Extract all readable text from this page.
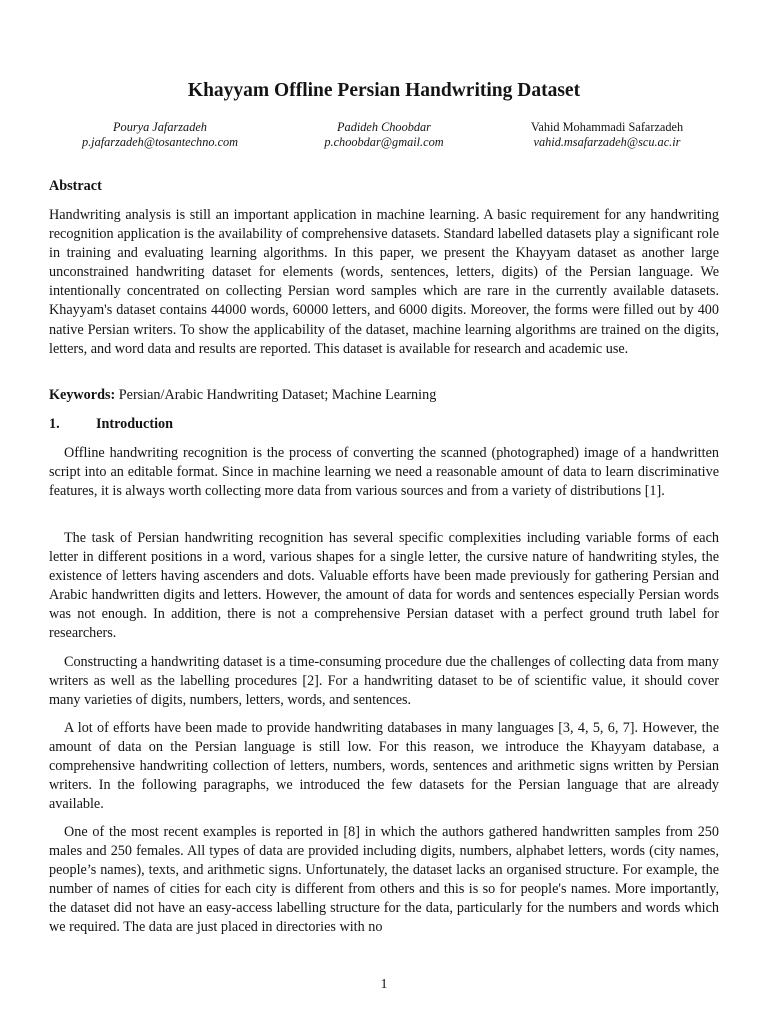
Khayyam Offline Persian Handwriting Dataset
Pourya Jafarzadeh
p.jafarzadeh@tosantechno.com
Padideh Choobdar
p.choobdar@gmail.com
Vahid Mohammadi Safarzadeh
vahid.msafarzadeh@scu.ac.ir
Abstract

Handwriting analysis is still an important application in machine learning. A basic requirement for any handwriting recognition application is the availability of comprehensive datasets. Standard labelled datasets play a significant role in training and evaluating learning algorithms. In this paper, we present the Khayyam dataset as another large unconstrained handwriting dataset for elements (words, sentences, letters, digits) of the Persian language. We intentionally concentrated on collecting Persian word samples which are rare in the currently available datasets. Khayyam's dataset contains 44000 words, 60000 letters, and 6000 digits. Moreover, the forms were filled out by 400 native Persian writers. To show the applicability of the dataset, machine learning algorithms are trained on the digits, letters, and word data and results are reported. This dataset is available for research and academic use.

Keywords: Persian/Arabic Handwriting Dataset; Machine Learning

1.	Introduction

Offline handwriting recognition is the process of converting the scanned (photographed) image of a handwritten script into an editable format. Since in machine learning we need a reasonable amount of data to learn discriminative features, it is always worth collecting more data from various sources and from a variety of distributions [1].

The task of Persian handwriting recognition has several specific complexities including variable forms of each letter in different positions in a word, various shapes for a single letter, the cursive nature of handwriting styles, the existence of letters having ascenders and dots. Valuable efforts have been made previously for gathering Persian and Arabic handwritten digits and letters. However, the amount of data for words and sentences especially Persian words was not enough. In addition, there is not a comprehensive Persian dataset with a perfect ground truth label for researchers.

Constructing a handwriting dataset is a time-consuming procedure due the challenges of collecting data from many writers as well as the labelling procedures [2]. For a handwriting dataset to be of scientific value, it should cover many varieties of digits, numbers, letters, words, and sentences.

A lot of efforts have been made to provide handwriting databases in many languages [3, 4, 5, 6, 7]. However, the amount of data on the Persian language is still low. For this reason, we introduce the Khayyam database, a comprehensive handwriting collection of letters, numbers, words, sentences and arithmetic signs written by Persian writers. In the following paragraphs, we introduced the few datasets for the Persian language that are already available.

One of the most recent examples is reported in [8] in which the authors gathered handwritten samples from 250 males and 250 females. All types of data are provided including digits, numbers, alphabet letters, words (city names, people’s names), texts, and arithmetic signs. Unfortunately, the dataset lacks an organised structure. For example, the number of names of cities for each city is different from others and this is so for people's names. More importantly, the dataset did not have an easy-access labelling structure for the data, particularly for the numbers and words which we required. The data are just placed in directories with no

1
